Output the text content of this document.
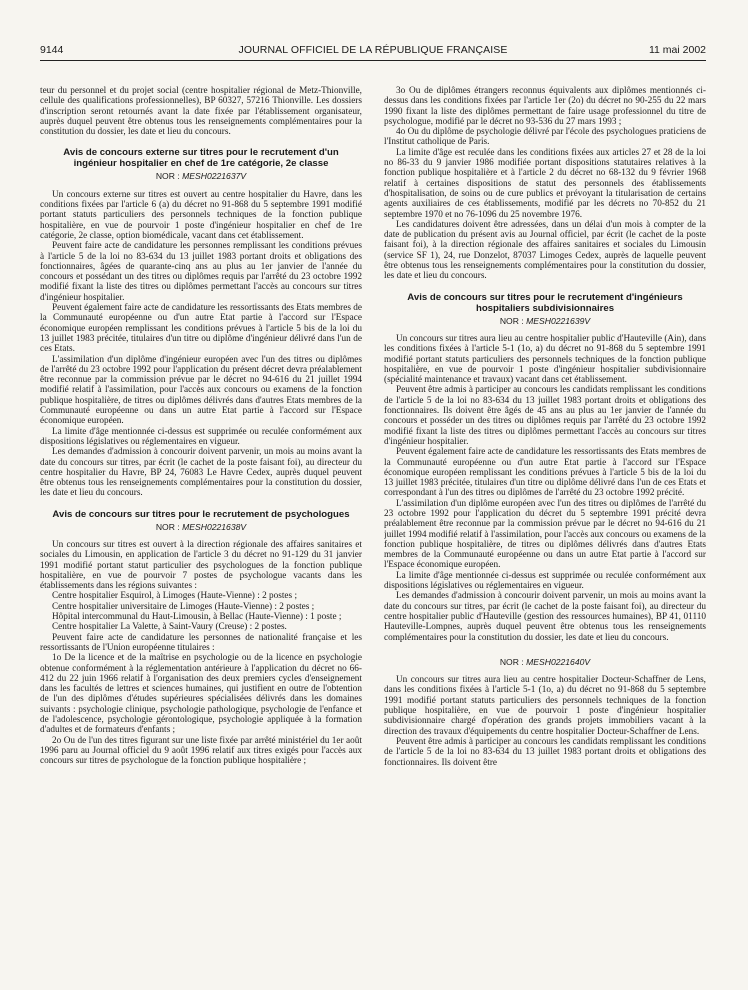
9144	JOURNAL OFFICIEL DE LA RÉPUBLIQUE FRANÇAISE	11 mai 2002

teur du personnel et du projet social (centre hospitalier régional de Metz-Thionville, cellule des qualifications professionnelles), BP 60327, 57216 Thionville. Les dossiers d'inscription seront retournés avant la date fixée par l'établissement organisateur, auprès duquel peuvent être obtenus tous les renseignements complémentaires pour la constitution du dossier, les date et lieu du concours.

Avis de concours externe sur titres pour le recrutement d'un ingénieur hospitalier en chef de 1re catégorie, 2e classe
NOR : MESH0221637V

Un concours externe sur titres est ouvert au centre hospitalier du Havre, dans les conditions fixées par l'article 6 (a) du décret no 91-868 du 5 septembre 1991 modifié portant statuts particuliers des personnels techniques de la fonction publique hospitalière, en vue de pourvoir 1 poste d'ingénieur hospitalier en chef de 1re catégorie, 2e classe, option biomédicale, vacant dans cet établissement.

Peuvent faire acte de candidature les personnes remplissant les conditions prévues à l'article 5 de la loi no 83-634 du 13 juillet 1983 portant droits et obligations des fonctionnaires, âgées de quarante-cinq ans au plus au 1er janvier de l'année du concours et possédant un des titres ou diplômes requis par l'arrêté du 23 octobre 1992 modifié fixant la liste des titres ou diplômes permettant l'accès au concours sur titres d'ingénieur hospitalier.

Peuvent également faire acte de candidature les ressortissants des Etats membres de la Communauté européenne ou d'un autre Etat partie à l'accord sur l'Espace économique européen remplissant les conditions prévues à l'article 5 bis de la loi du 13 juillet 1983 précitée, titulaires d'un titre ou diplôme d'ingénieur délivré dans l'un de ces Etats.

L'assimilation d'un diplôme d'ingénieur européen avec l'un des titres ou diplômes de l'arrêté du 23 octobre 1992 pour l'application du présent décret devra préalablement être reconnue par la commission prévue par le décret no 94-616 du 21 juillet 1994 modifié relatif à l'assimilation, pour l'accès aux concours ou examens de la fonction publique hospitalière, de titres ou diplômes délivrés dans d'autres Etats membres de la Communauté européenne ou dans un autre Etat partie à l'accord sur l'Espace économique européen.

La limite d'âge mentionnée ci-dessus est supprimée ou reculée conformément aux dispositions législatives ou réglementaires en vigueur.

Les demandes d'admission à concourir doivent parvenir, un mois au moins avant la date du concours sur titres, par écrit (le cachet de la poste faisant foi), au directeur du centre hospitalier du Havre, BP 24, 76083 Le Havre Cedex, auprès duquel peuvent être obtenus tous les renseignements complémentaires pour la constitution du dossier, les date et lieu du concours.

Avis de concours sur titres pour le recrutement de psychologues
NOR : MESH0221638V

Un concours sur titres est ouvert à la direction régionale des affaires sanitaires et sociales du Limousin, en application de l'article 3 du décret no 91-129 du 31 janvier 1991 modifié portant statut particulier des psychologues de la fonction publique hospitalière, en vue de pourvoir 7 postes de psychologue vacants dans les établissements dans les régions suivantes :

Centre hospitalier Esquirol, à Limoges (Haute-Vienne) : 2 postes ;

Centre hospitalier universitaire de Limoges (Haute-Vienne) : 2 postes ;

Hôpital intercommunal du Haut-Limousin, à Bellac (Haute-Vienne) : 1 poste ;

Centre hospitalier La Valette, à Saint-Vaury (Creuse) : 2 postes.

Peuvent faire acte de candidature les personnes de nationalité française et les ressortissants de l'Union européenne titulaires :

1o De la licence et de la maîtrise en psychologie ou de la licence en psychologie obtenue conformément à la réglementation antérieure à l'application du décret no 66-412 du 22 juin 1966 relatif à l'organisation des deux premiers cycles d'enseignement dans les facultés de lettres et sciences humaines, qui justifient en outre de l'obtention de l'un des diplômes d'études supérieures spécialisées délivrés dans les domaines suivants : psychologie clinique, psychologie pathologique, psychologie de l'enfance et de l'adolescence, psychologie gérontologique, psychologie appliquée à la formation d'adultes et de formateurs d'enfants ;

2o Ou de l'un des titres figurant sur une liste fixée par arrêté ministériel du 1er août 1996 paru au Journal officiel du 9 août 1996 relatif aux titres exigés pour l'accès aux concours sur titres de psychologue de la fonction publique hospitalière ;

3o Ou de diplômes étrangers reconnus équivalents aux diplômes mentionnés ci-dessus dans les conditions fixées par l'article 1er (2o) du décret no 90-255 du 22 mars 1990 fixant la liste des diplômes permettant de faire usage professionnel du titre de psychologue, modifié par le décret no 93-536 du 27 mars 1993 ;

4o Ou du diplôme de psychologie délivré par l'école des psychologues praticiens de l'Institut catholique de Paris.

La limite d'âge est reculée dans les conditions fixées aux articles 27 et 28 de la loi no 86-33 du 9 janvier 1986 modifiée portant dispositions statutaires relatives à la fonction publique hospitalière et à l'article 2 du décret no 68-132 du 9 février 1968 relatif à certaines dispositions de statut des personnels des établissements d'hospitalisation, de soins ou de cure publics et prévoyant la titularisation de certains agents auxiliaires de ces établissements, modifié par les décrets no 70-852 du 21 septembre 1970 et no 76-1096 du 25 novembre 1976.

Les candidatures doivent être adressées, dans un délai d'un mois à compter de la date de publication du présent avis au Journal officiel, par écrit (le cachet de la poste faisant foi), à la direction régionale des affaires sanitaires et sociales du Limousin (service SF 1), 24, rue Donzelot, 87037 Limoges Cedex, auprès de laquelle peuvent être obtenus tous les renseignements complémentaires pour la constitution du dossier, les date et lieu du concours.

Avis de concours sur titres pour le recrutement d'ingénieurs hospitaliers subdivisionnaires
NOR : MESH0221639V

Un concours sur titres aura lieu au centre hospitalier public d'Hauteville (Ain), dans les conditions fixées à l'article 5-1 (1o, a) du décret no 91-868 du 5 septembre 1991 modifié portant statuts particuliers des personnels techniques de la fonction publique hospitalière, en vue de pourvoir 1 poste d'ingénieur hospitalier subdivisionnaire (spécialité maintenance et travaux) vacant dans cet établissement.

Peuvent être admis à participer au concours les candidats remplissant les conditions de l'article 5 de la loi no 83-634 du 13 juillet 1983 portant droits et obligations des fonctionnaires. Ils doivent être âgés de 45 ans au plus au 1er janvier de l'année du concours et posséder un des titres ou diplômes requis par l'arrêté du 23 octobre 1992 modifié fixant la liste des titres ou diplômes permettant l'accès au concours sur titres d'ingénieur hospitalier.

Peuvent également faire acte de candidature les ressortissants des Etats membres de la Communauté européenne ou d'un autre Etat partie à l'accord sur l'Espace économique européen remplissant les conditions prévues à l'article 5 bis de la loi du 13 juillet 1983 précitée, titulaires d'un titre ou diplôme délivré dans l'un de ces Etats et correspondant à l'un des titres ou diplômes de l'arrêté du 23 octobre 1992 précité.

L'assimilation d'un diplôme européen avec l'un des titres ou diplômes de l'arrêté du 23 octobre 1992 pour l'application du décret du 5 septembre 1991 précité devra préalablement être reconnue par la commission prévue par le décret no 94-616 du 21 juillet 1994 modifié relatif à l'assimilation, pour l'accès aux concours ou examens de la fonction publique hospitalière, de titres ou diplômes délivrés dans d'autres Etats membres de la Communauté européenne ou dans un autre Etat partie à l'accord sur l'Espace économique européen.

La limite d'âge mentionnée ci-dessus est supprimée ou reculée conformément aux dispositions législatives ou réglementaires en vigueur.

Les demandes d'admission à concourir doivent parvenir, un mois au moins avant la date du concours sur titres, par écrit (le cachet de la poste faisant foi), au directeur du centre hospitalier public d'Hauteville (gestion des ressources humaines), BP 41, 01110 Hauteville-Lompnes, auprès duquel peuvent être obtenus tous les renseignements complémentaires pour la constitution du dossier, les date et lieu du concours.

NOR : MESH0221640V

Un concours sur titres aura lieu au centre hospitalier Docteur-Schaffner de Lens, dans les conditions fixées à l'article 5-1 (1o, a) du décret no 91-868 du 5 septembre 1991 modifié portant statuts particuliers des personnels techniques de la fonction publique hospitalière, en vue de pourvoir 1 poste d'ingénieur hospitalier subdivisionnaire chargé d'opération des grands projets immobiliers vacant à la direction des travaux d'équipements du centre hospitalier Docteur-Schaffner de Lens.

Peuvent être admis à participer au concours les candidats remplissant les conditions de l'article 5 de la loi no 83-634 du 13 juillet 1983 portant droits et obligations des fonctionnaires. Ils doivent être
